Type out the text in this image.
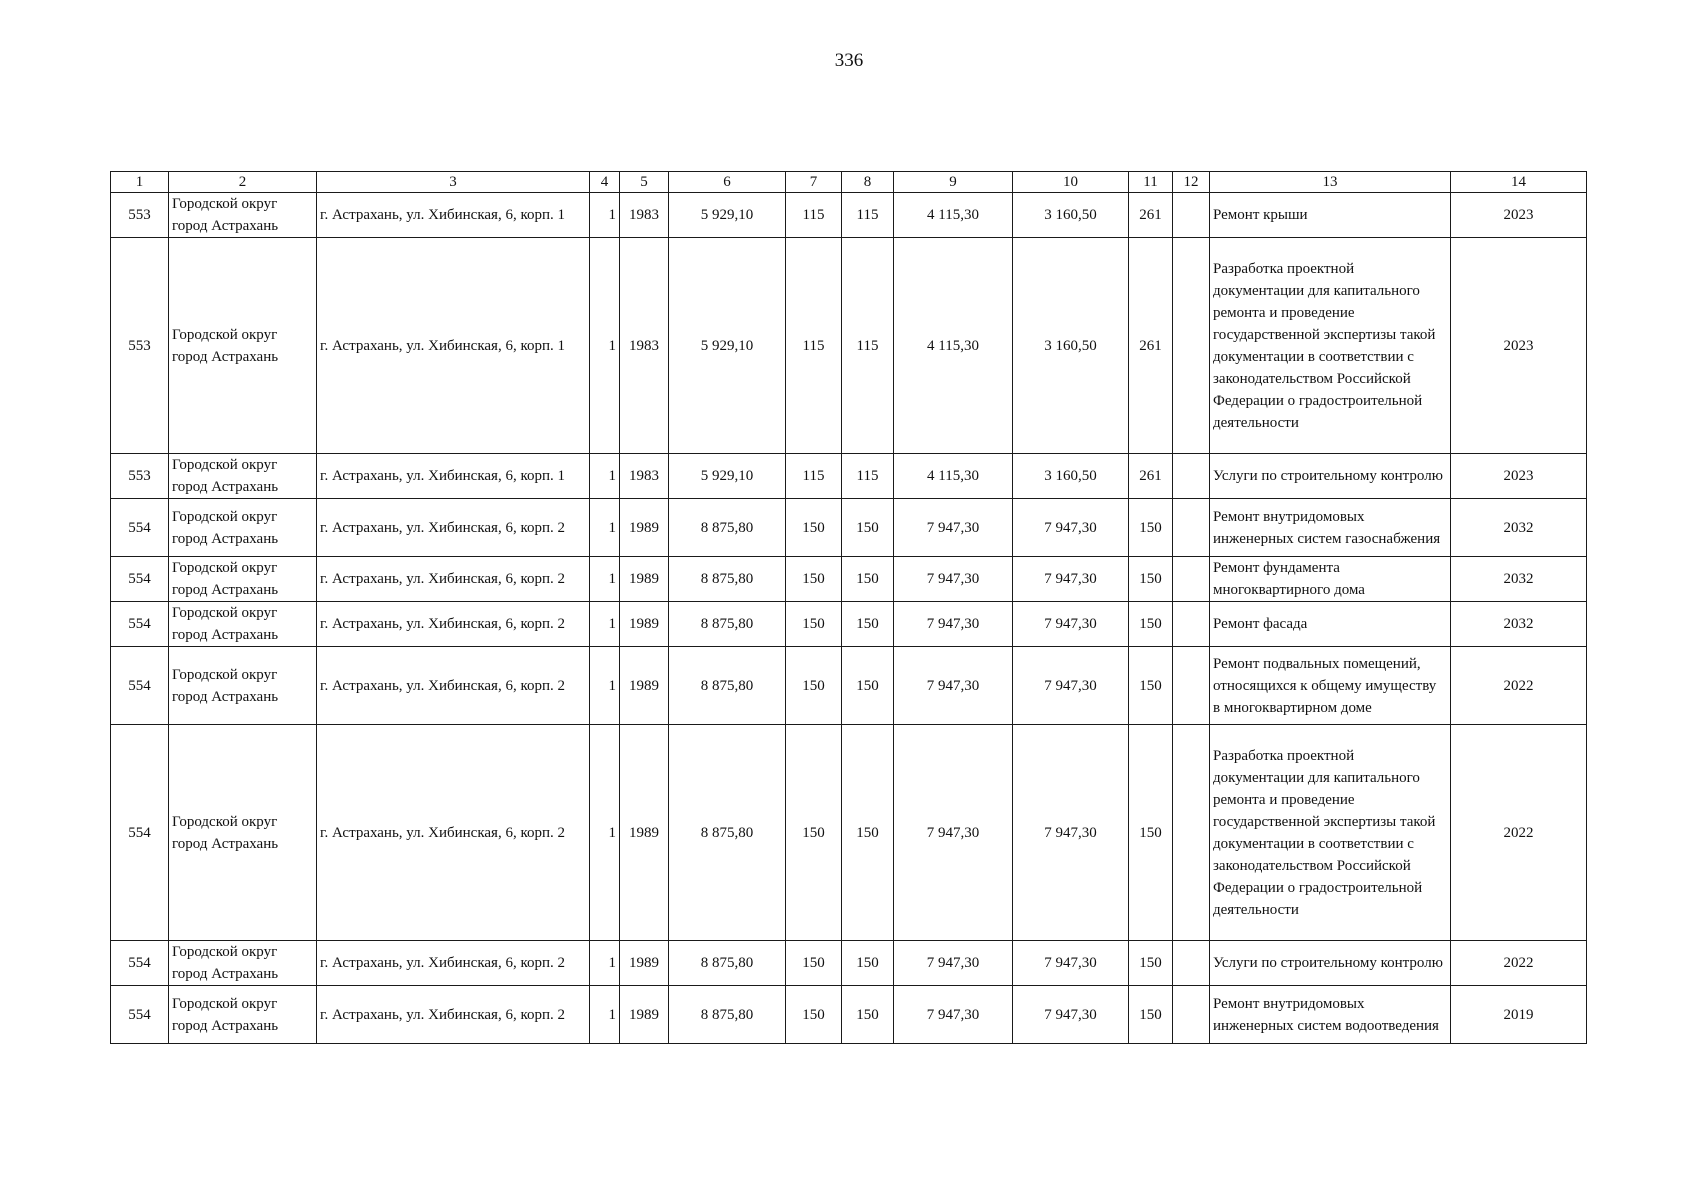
336
1	2	3	4	5	6	7	8	9	10	11	12	13	14
553	Городской округ город Астрахань	г. Астрахань, ул. Хибинская, 6, корп. 1	1	1983	5 929,10	115	115	4 115,30	3 160,50	261		Ремонт крыши	2023
553	Городской округ город Астрахань	г. Астрахань, ул. Хибинская, 6, корп. 1	1	1983	5 929,10	115	115	4 115,30	3 160,50	261		Разработка проектной документации для капитального ремонта и проведение государственной экспертизы такой документации в соответствии с законодательством Российской Федерации о градостроительной деятельности	2023
553	Городской округ город Астрахань	г. Астрахань, ул. Хибинская, 6, корп. 1	1	1983	5 929,10	115	115	4 115,30	3 160,50	261		Услуги по строительному контролю	2023
554	Городской округ город Астрахань	г. Астрахань, ул. Хибинская, 6, корп. 2	1	1989	8 875,80	150	150	7 947,30	7 947,30	150		Ремонт внутридомовых инженерных систем газоснабжения	2032
554	Городской округ город Астрахань	г. Астрахань, ул. Хибинская, 6, корп. 2	1	1989	8 875,80	150	150	7 947,30	7 947,30	150		Ремонт фундамента многоквартирного дома	2032
554	Городской округ город Астрахань	г. Астрахань, ул. Хибинская, 6, корп. 2	1	1989	8 875,80	150	150	7 947,30	7 947,30	150		Ремонт фасада	2032
554	Городской округ город Астрахань	г. Астрахань, ул. Хибинская, 6, корп. 2	1	1989	8 875,80	150	150	7 947,30	7 947,30	150		Ремонт подвальных помещений, относящихся к общему имуществу в многоквартирном доме	2022
554	Городской округ город Астрахань	г. Астрахань, ул. Хибинская, 6, корп. 2	1	1989	8 875,80	150	150	7 947,30	7 947,30	150		Разработка проектной документации для капитального ремонта и проведение государственной экспертизы такой документации в соответствии с законодательством Российской Федерации о градостроительной деятельности	2022
554	Городской округ город Астрахань	г. Астрахань, ул. Хибинская, 6, корп. 2	1	1989	8 875,80	150	150	7 947,30	7 947,30	150		Услуги по строительному контролю	2022
554	Городской округ город Астрахань	г. Астрахань, ул. Хибинская, 6, корп. 2	1	1989	8 875,80	150	150	7 947,30	7 947,30	150		Ремонт внутридомовых инженерных систем водоотведения	2019
